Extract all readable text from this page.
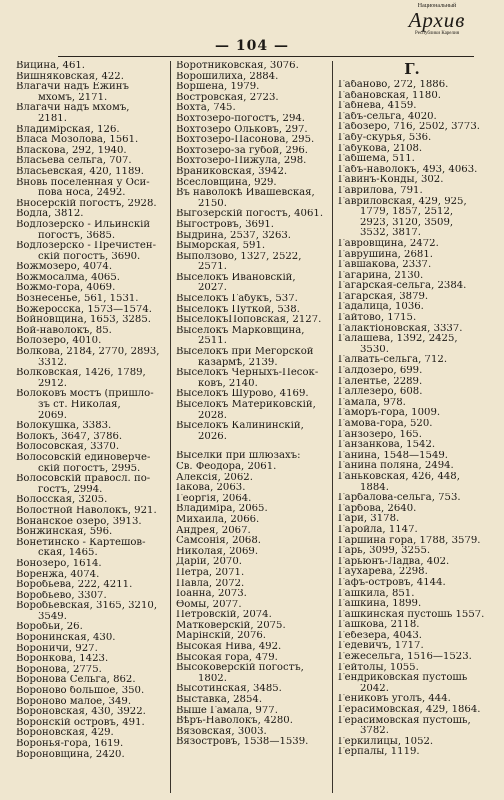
Национальный
Архив
Республики Карелия
— 104 —
Вицина, 461.
Вишняковская, 422.
Влагачи надъ Ежинъ
мхомъ, 2171.
Влагачи надъ мхомъ,
2181.
Владимірская, 126.
Власа Мозолова, 1561.
Власкова, 292, 1940.
Власьева сельга, 707.
Власьевская, 420, 1189.
Вновь поселенная у Оси-
пова носа, 2492.
Вносерскій погостъ, 2928.
Водла, 3812.
Водлозерско - Ильинскій
погостъ, 3685.
Водлозерско - Пречистен-
скій погостъ, 3690.
Вожмозеро, 4074.
Вожмосалма, 4065.
Вожмо-гора, 4069.
Вознесенье, 561, 1531.
Вожеросска, 1573—1574.
Войновщина, 1653, 3285.
Вой-наволокъ, 85.
Волозеро, 4010.
Волкова, 2184, 2770, 2893,
3312.
Волковская, 1426, 1789,
2912.
Волоковъ мостъ (пришло-
зъ ст. Николая,
2069.
Волокушка, 3383.
Волокъ, 3647, 3786.
Волосовская, 3370.
Волосовскій единоверче-
скій погостъ, 2995.
Волосовскій правосл. по-
гостъ, 2994.
Волосская, 3205.
Волостной Наволокъ, 921.
Вонанское озеро, 3913.
Вонжинская, 596.
Вонетинско - Картешов-
ская, 1465.
Вонозеро, 1614.
Воренжа, 4074.
Воробьева, 222, 4211.
Воробьево, 3307.
Воробьевская, 3165, 3210,
3549.
Воробьи, 26.
Воронинская, 430.
Вороничи, 927.
Воронкова, 1423.
Воронова, 2775.
Воронова Сельга, 862.
Вороново большое, 350.
Вороново малое, 349.
Вороновская, 430, 3922.
Воронскій островъ, 491.
Вороновская, 429.
Воронья-гора, 1619.
Вороновщина, 2420.
Воротниковская, 3076.
Ворошилиха, 2884.
Воршена, 1979.
Востровская, 2723.
Вохта, 745.
Вохтозеро-погостъ, 294.
Вохтозеро Ольковъ, 297.
Вохтозеро-Пасонова, 295.
Вохтозеро-за губой, 296.
Вохтозеро-Пижула, 298.
Враниковская, 3942.
Всесловщина, 929.
Въ наволокѣ Ивашевская,
2150.
Выгозерскій погостъ, 4061.
Выгостровъ, 3691.
Выдрина, 2537, 3263.
Выморская, 591.
Выползово, 1327, 2522,
2571.
Выселокъ Ивановскій,
2027.
Выселокъ Габукъ, 537.
Выселокъ Путкой, 538.
ВыселокъПоповская, 2127.
Выселокъ Марковщина,
2511.
Выселокъ при Мегорской
казармѣ, 2139.
Выселокъ Черныхъ-Песок-
ковъ, 2140.
Выселокъ Шурово, 4169.
Выселокъ Материковскій,
2028.
Выселокъ Калининскій,
2026.
Выселки при шлюзахъ:
Св. Феодора, 2061.
Алексія, 2062.
Іакова, 2063.
Георгія, 2064.
Владиміра, 2065.
Михаила, 2066.
Андрея, 2067.
Самсонія, 2068.
Николая, 2069.
Даріи, 2070.
Петра, 2071.
Павла, 2072.
Іоанна, 2073.
Ѳомы, 2077.
Петровскій, 2074.
Матковерскій, 2075.
Марінскій, 2076.
Высокая Нива, 492.
Высокая гора, 479.
Высоковерскій погостъ,
1802.
Высотинская, 3485.
Выставка, 2854.
Выше Гамала, 977.
Вѣръ-Наволокъ, 4280.
Вязовская, 3003.
Вязостровъ, 1538—1539.
Г.
Габаново, 272, 1886.
Габановская, 1180.
Габнева, 4159.
Габъ-сельга, 4020.
Габозеро, 716, 2502, 3773.
Габу-скурья, 536.
Габукова, 2108.
Габшема, 511.
Габъ-наволокъ, 493, 4063.
Гавинъ-Конды, 302.
Гаврилова, 791.
Гавриловская, 429, 925,
1779, 1857, 2512,
2923, 3120, 3509,
3532, 3817.
Гавровщина, 2472.
Гаврушина, 2681.
Гавшакова, 2337.
Гагарина, 2130.
Гагарская-сельга, 2384.
Гагарская, 3879.
Гадалица, 1036.
Гайтово, 1715.
Галактіоновская, 3337.
Галашева, 1392, 2425,
3530.
Галвать-сельга, 712.
Галдозеро, 699.
Галентье, 2289.
Галлезеро, 608.
Гамала, 978.
Гаморъ-гора, 1009.
Гамова-гора, 520.
Ганзозеро, 165.
Ганзанкова, 1542.
Ганина, 1548—1549.
Ганина поляна, 2494.
Ганьковская, 426, 448,
1884.
Гарбалова-сельга, 753.
Гарбова, 2640.
Гари, 3178.
Гаройла, 1147.
Гаршина гора, 1788, 3579.
Гарь, 3099, 3255.
Гарьюнъ-Ладва, 402.
Гаухарева, 2298.
Гафъ-островъ, 4144.
Гашкила, 851.
Гашкина, 1899.
Гашкинская пустошь 1557.
Гашкова, 2118.
Гебезера, 4043.
Гедевичъ, 1717.
Гежесельга, 1516—1523.
Гейтолы, 1055.
Гендриковская пустошь
2042.
Гениковъ уголъ, 444.
Герасимовская, 429, 1864.
Герасимовская пустошь,
3782.
Геркилицы, 1052.
Герпалы, 1119.
